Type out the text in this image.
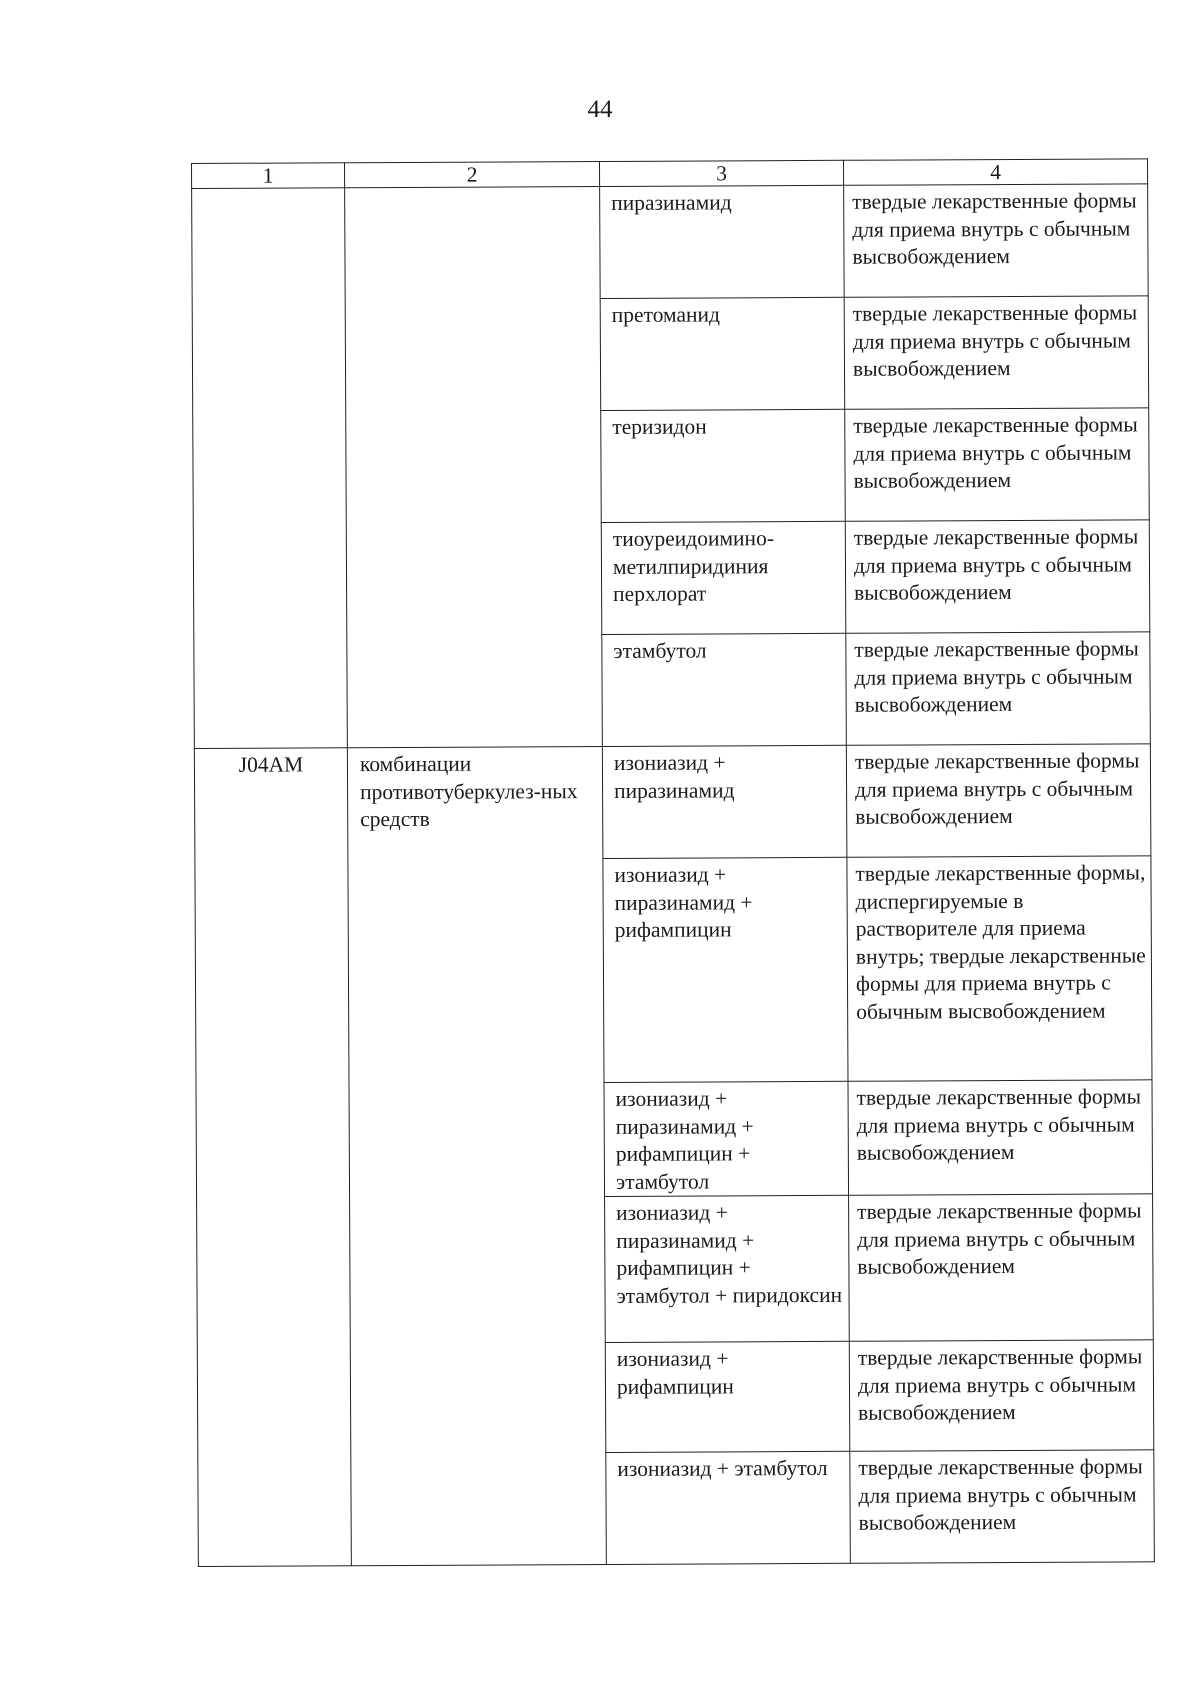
44
1	2	3	4
		пиразинамид	твердые лекарственные формы для приема внутрь с обычным высвобождением
		претоманид	твердые лекарственные формы для приема внутрь с обычным высвобождением
		теризидон	твердые лекарственные формы для приема внутрь с обычным высвобождением
		тиоуреидоимино-метилпиридиния перхлорат	твердые лекарственные формы для приема внутрь с обычным высвобождением
		этамбутол	твердые лекарственные формы для приема внутрь с обычным высвобождением
J04AM	комбинации противотуберкулез-ных средств	изониазид + пиразинамид	твердые лекарственные формы для приема внутрь с обычным высвобождением
		изониазид + пиразинамид + рифампицин	твердые лекарственные формы, диспергируемые в растворителе для приема внутрь; твердые лекарственные формы для приема внутрь с обычным высвобождением
		изониазид + пиразинамид + рифампицин + этамбутол	твердые лекарственные формы для приема внутрь с обычным высвобождением
		изониазид + пиразинамид + рифампицин + этамбутол + пиридоксин	твердые лекарственные формы для приема внутрь с обычным высвобождением
		изониазид + рифампицин	твердые лекарственные формы для приема внутрь с обычным высвобождением
		изониазид + этамбутол	твердые лекарственные формы для приема внутрь с обычным высвобождением
